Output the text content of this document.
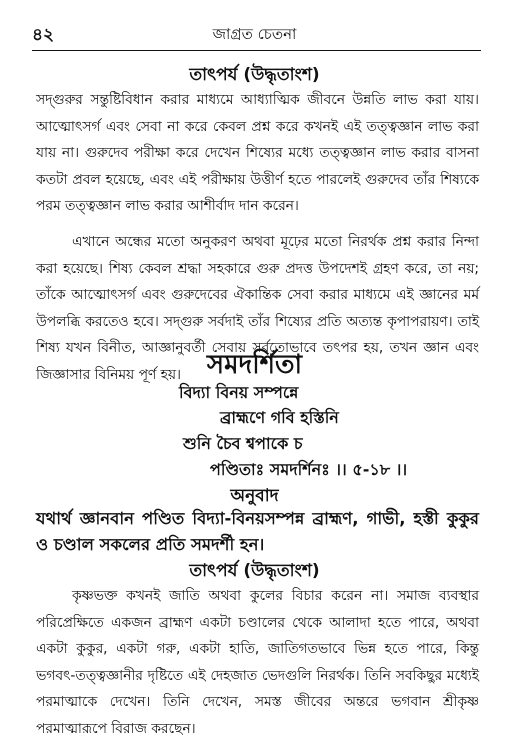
৪২	জাগ্রত চেতনা
তাৎপর্য (উদ্ধৃতাংশ)

সদ্‌গুরুর সন্তুষ্টিবিধান করার মাধ্যমে আধ্যাত্মিক জীবনে উন্নতি লাভ করা যায়। আত্মোৎসর্গ এবং সেবা না করে কেবল প্রশ্ন করে কখনই এই তত্ত্বজ্ঞান লাভ করা যায় না। গুরুদেব পরীক্ষা করে দেখেন শিষ্যের মধ্যে তত্ত্বজ্ঞান লাভ করার বাসনা কতটা প্রবল হয়েছে, এবং এই পরীক্ষায় উত্তীর্ণ হতে পারলেই গুরুদেব তাঁর শিষ্যকে পরম তত্ত্বজ্ঞান লাভ করার আশীর্বাদ দান করেন।

এখানে অন্ধের মতো অনুকরণ অথবা মূঢ়ের মতো নিরর্থক প্রশ্ন করার নিন্দা করা হয়েছে। শিষ্য কেবল শ্রদ্ধা সহকারে গুরু প্রদত্ত উপদেশই গ্রহণ করে, তা নয়; তাঁকে আত্মোৎসর্গ এবং গুরুদেবের ঐকান্তিক সেবা করার মাধ্যমে এই জ্ঞানের মর্ম উপলব্ধি করতেও হবে। সদ্‌গুরু সর্বদাই তাঁর শিষ্যের প্রতি অত্যন্ত কৃপাপরায়ণ। তাই শিষ্য যখন বিনীত, আজ্ঞানুবর্তী সেবায় সর্বতোভাবে তৎপর হয়, তখন জ্ঞান এবং জিজ্ঞাসার বিনিময় পূর্ণ হয়। সমদর্শিতা
বিদ্যা বিনয় সম্পন্নে
ব্রাহ্মণে গবি হস্তিনি
শুনি চৈব শ্বপাকে চ
পণ্ডিতাঃ সমদর্শিনঃ ।। ৫-১৮ ।।
অনুবাদ

যথার্থ জ্ঞানবান পণ্ডিত বিদ্যা-বিনয়সম্পন্ন ব্রাহ্মণ, গাভী, হস্তী কুকুর ও চণ্ডাল সকলের প্রতি সমদর্শী হন।

তাৎপর্য (উদ্ধৃতাংশ)

কৃষ্ণভক্ত কখনই জাতি অথবা কুলের বিচার করেন না। সমাজ ব্যবস্থার পরিপ্রেক্ষিতে একজন ব্রাহ্মণ একটা চণ্ডালের থেকে আলাদা হতে পারে, অথবা একটা কুকুর, একটা গরু, একটা হাতি, জাতিগতভাবে ভিন্ন হতে পারে, কিন্তু ভগবৎ-তত্ত্বজ্ঞানীর দৃষ্টিতে এই দেহজাত ভেদগুলি নিরর্থক। তিনি সবকিছুর মধ্যেই পরমাত্মাকে দেখেন। তিনি দেখেন, সমস্ত জীবের অন্তরে ভগবান শ্রীকৃষ্ণ পরমাত্মারূপে বিরাজ করছেন।
